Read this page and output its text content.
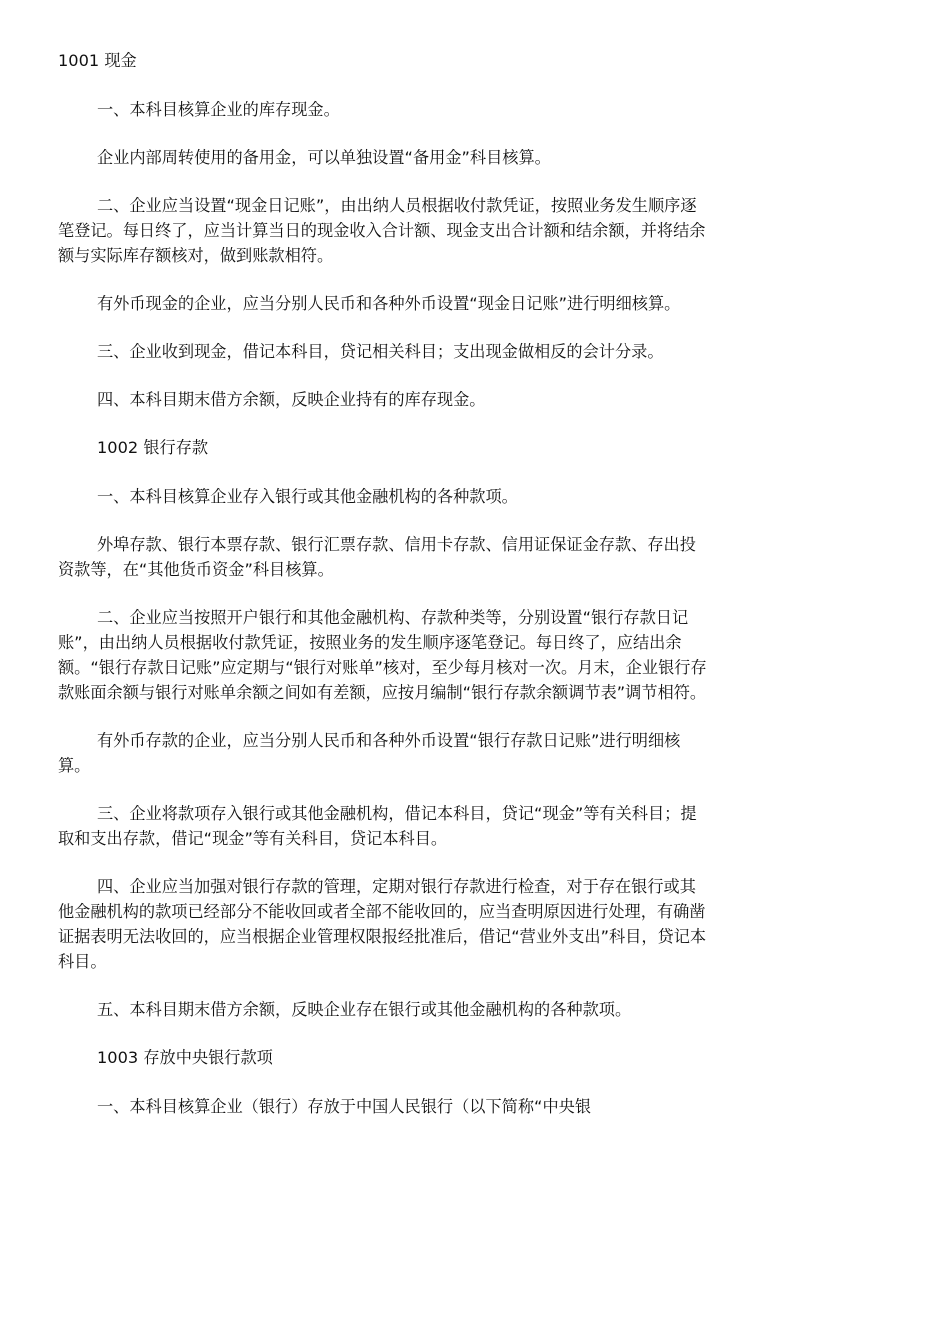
1001 现金

一、本科目核算企业的库存现金。

企业内部周转使用的备用金，可以单独设置“备用金”科目核算。

二、企业应当设置“现金日记账”，由出纳人员根据收付款凭证，按照业务发生顺序逐笔登记。每日终了，应当计算当日的现金收入合计额、现金支出合计额和结余额，并将结余额与实际库存额核对，做到账款相符。

有外币现金的企业，应当分别人民币和各种外币设置“现金日记账”进行明细核算。

三、企业收到现金，借记本科目，贷记相关科目；支出现金做相反的会计分录。

四、本科目期末借方余额，反映企业持有的库存现金。

1002 银行存款

一、本科目核算企业存入银行或其他金融机构的各种款项。

外埠存款、银行本票存款、银行汇票存款、信用卡存款、信用证保证金存款、存出投资款等，在“其他货币资金”科目核算。

二、企业应当按照开户银行和其他金融机构、存款种类等，分别设置“银行存款日记账”，由出纳人员根据收付款凭证，按照业务的发生顺序逐笔登记。每日终了，应结出余额。“银行存款日记账”应定期与“银行对账单”核对，至少每月核对一次。月末，企业银行存款账面余额与银行对账单余额之间如有差额，应按月编制“银行存款余额调节表”调节相符。

有外币存款的企业，应当分别人民币和各种外币设置“银行存款日记账”进行明细核算。

三、企业将款项存入银行或其他金融机构，借记本科目，贷记“现金”等有关科目；提取和支出存款，借记“现金”等有关科目，贷记本科目。

四、企业应当加强对银行存款的管理，定期对银行存款进行检查，对于存在银行或其他金融机构的款项已经部分不能收回或者全部不能收回的，应当查明原因进行处理，有确凿证据表明无法收回的，应当根据企业管理权限报经批准后，借记“营业外支出”科目，贷记本科目。

五、本科目期末借方余额，反映企业存在银行或其他金融机构的各种款项。

1003 存放中央银行款项

一、本科目核算企业（银行）存放于中国人民银行（以下简称“中央银
